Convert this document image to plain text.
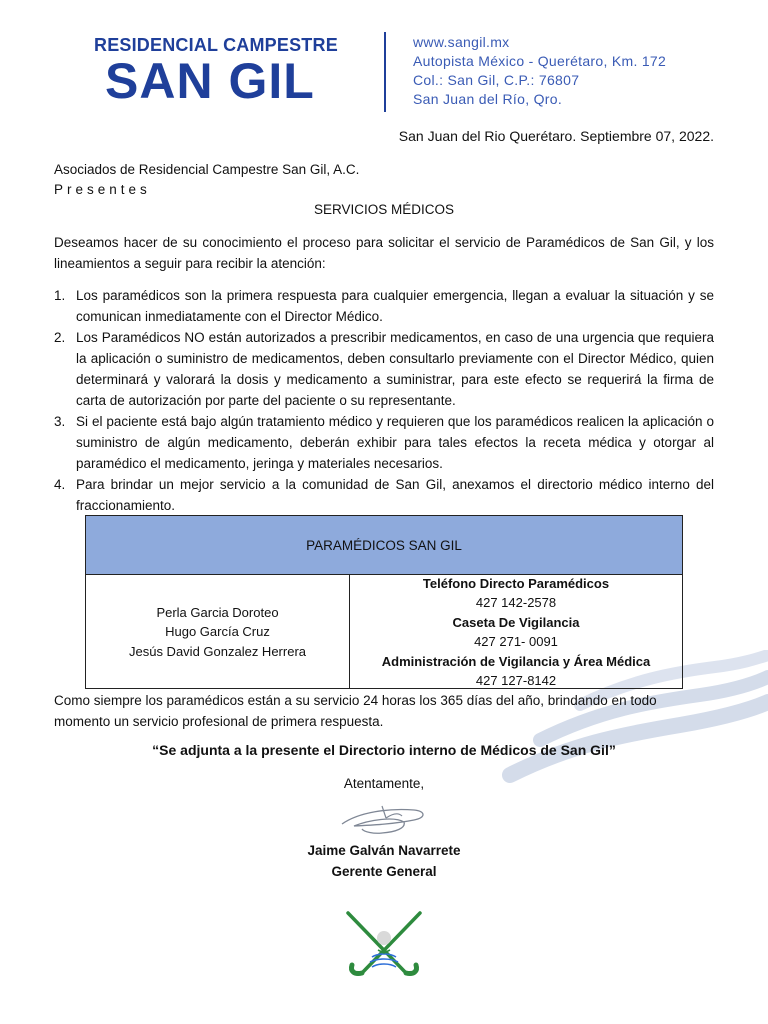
RESIDENCIAL CAMPESTRE
SAN GIL
www.sangil.mx
Autopista México - Querétaro, Km. 172
Col.: San Gil, C.P.: 76807
San Juan del Río, Qro.
San Juan del Rio Querétaro. Septiembre 07, 2022.
Asociados de Residencial Campestre San Gil, A.C.
Presentes
SERVICIOS MÉDICOS
Deseamos hacer de su conocimiento el proceso para solicitar el servicio de Paramédicos de San Gil, y los lineamientos a seguir para recibir la atención:
1. Los paramédicos son la primera respuesta para cualquier emergencia, llegan a evaluar la situación y se comunican inmediatamente con el Director Médico.
2. Los Paramédicos NO están autorizados a prescribir medicamentos, en caso de una urgencia que requiera la aplicación o suministro de medicamentos, deben consultarlo previamente con el Director Médico, quien determinará y valorará la dosis y medicamento a suministrar, para este efecto se requerirá la firma de carta de autorización por parte del paciente o su representante.
3. Si el paciente está bajo algún tratamiento médico y requieren que los paramédicos realicen la aplicación o suministro de algún medicamento, deberán exhibir para tales efectos la receta médica y otorgar al paramédico el medicamento, jeringa y materiales necesarios.
4. Para brindar un mejor servicio a la comunidad de San Gil, anexamos el directorio médico interno del fraccionamiento.
PARAMÉDICOS SAN GIL
Perla Garcia Doroteo
Hugo García Cruz
Jesús David Gonzalez Herrera
Teléfono Directo Paramédicos
427 142-2578
Caseta De Vigilancia
427 271- 0091
Administración de Vigilancia y Área Médica
427 127-8142
Como siempre los paramédicos están a su servicio 24 horas los 365 días del año, brindando en todo momento un servicio profesional de primera respuesta.
“Se adjunta a la presente el Directorio interno de Médicos de San Gil”
Atentamente,
Jaime Galván Navarrete
Gerente General
